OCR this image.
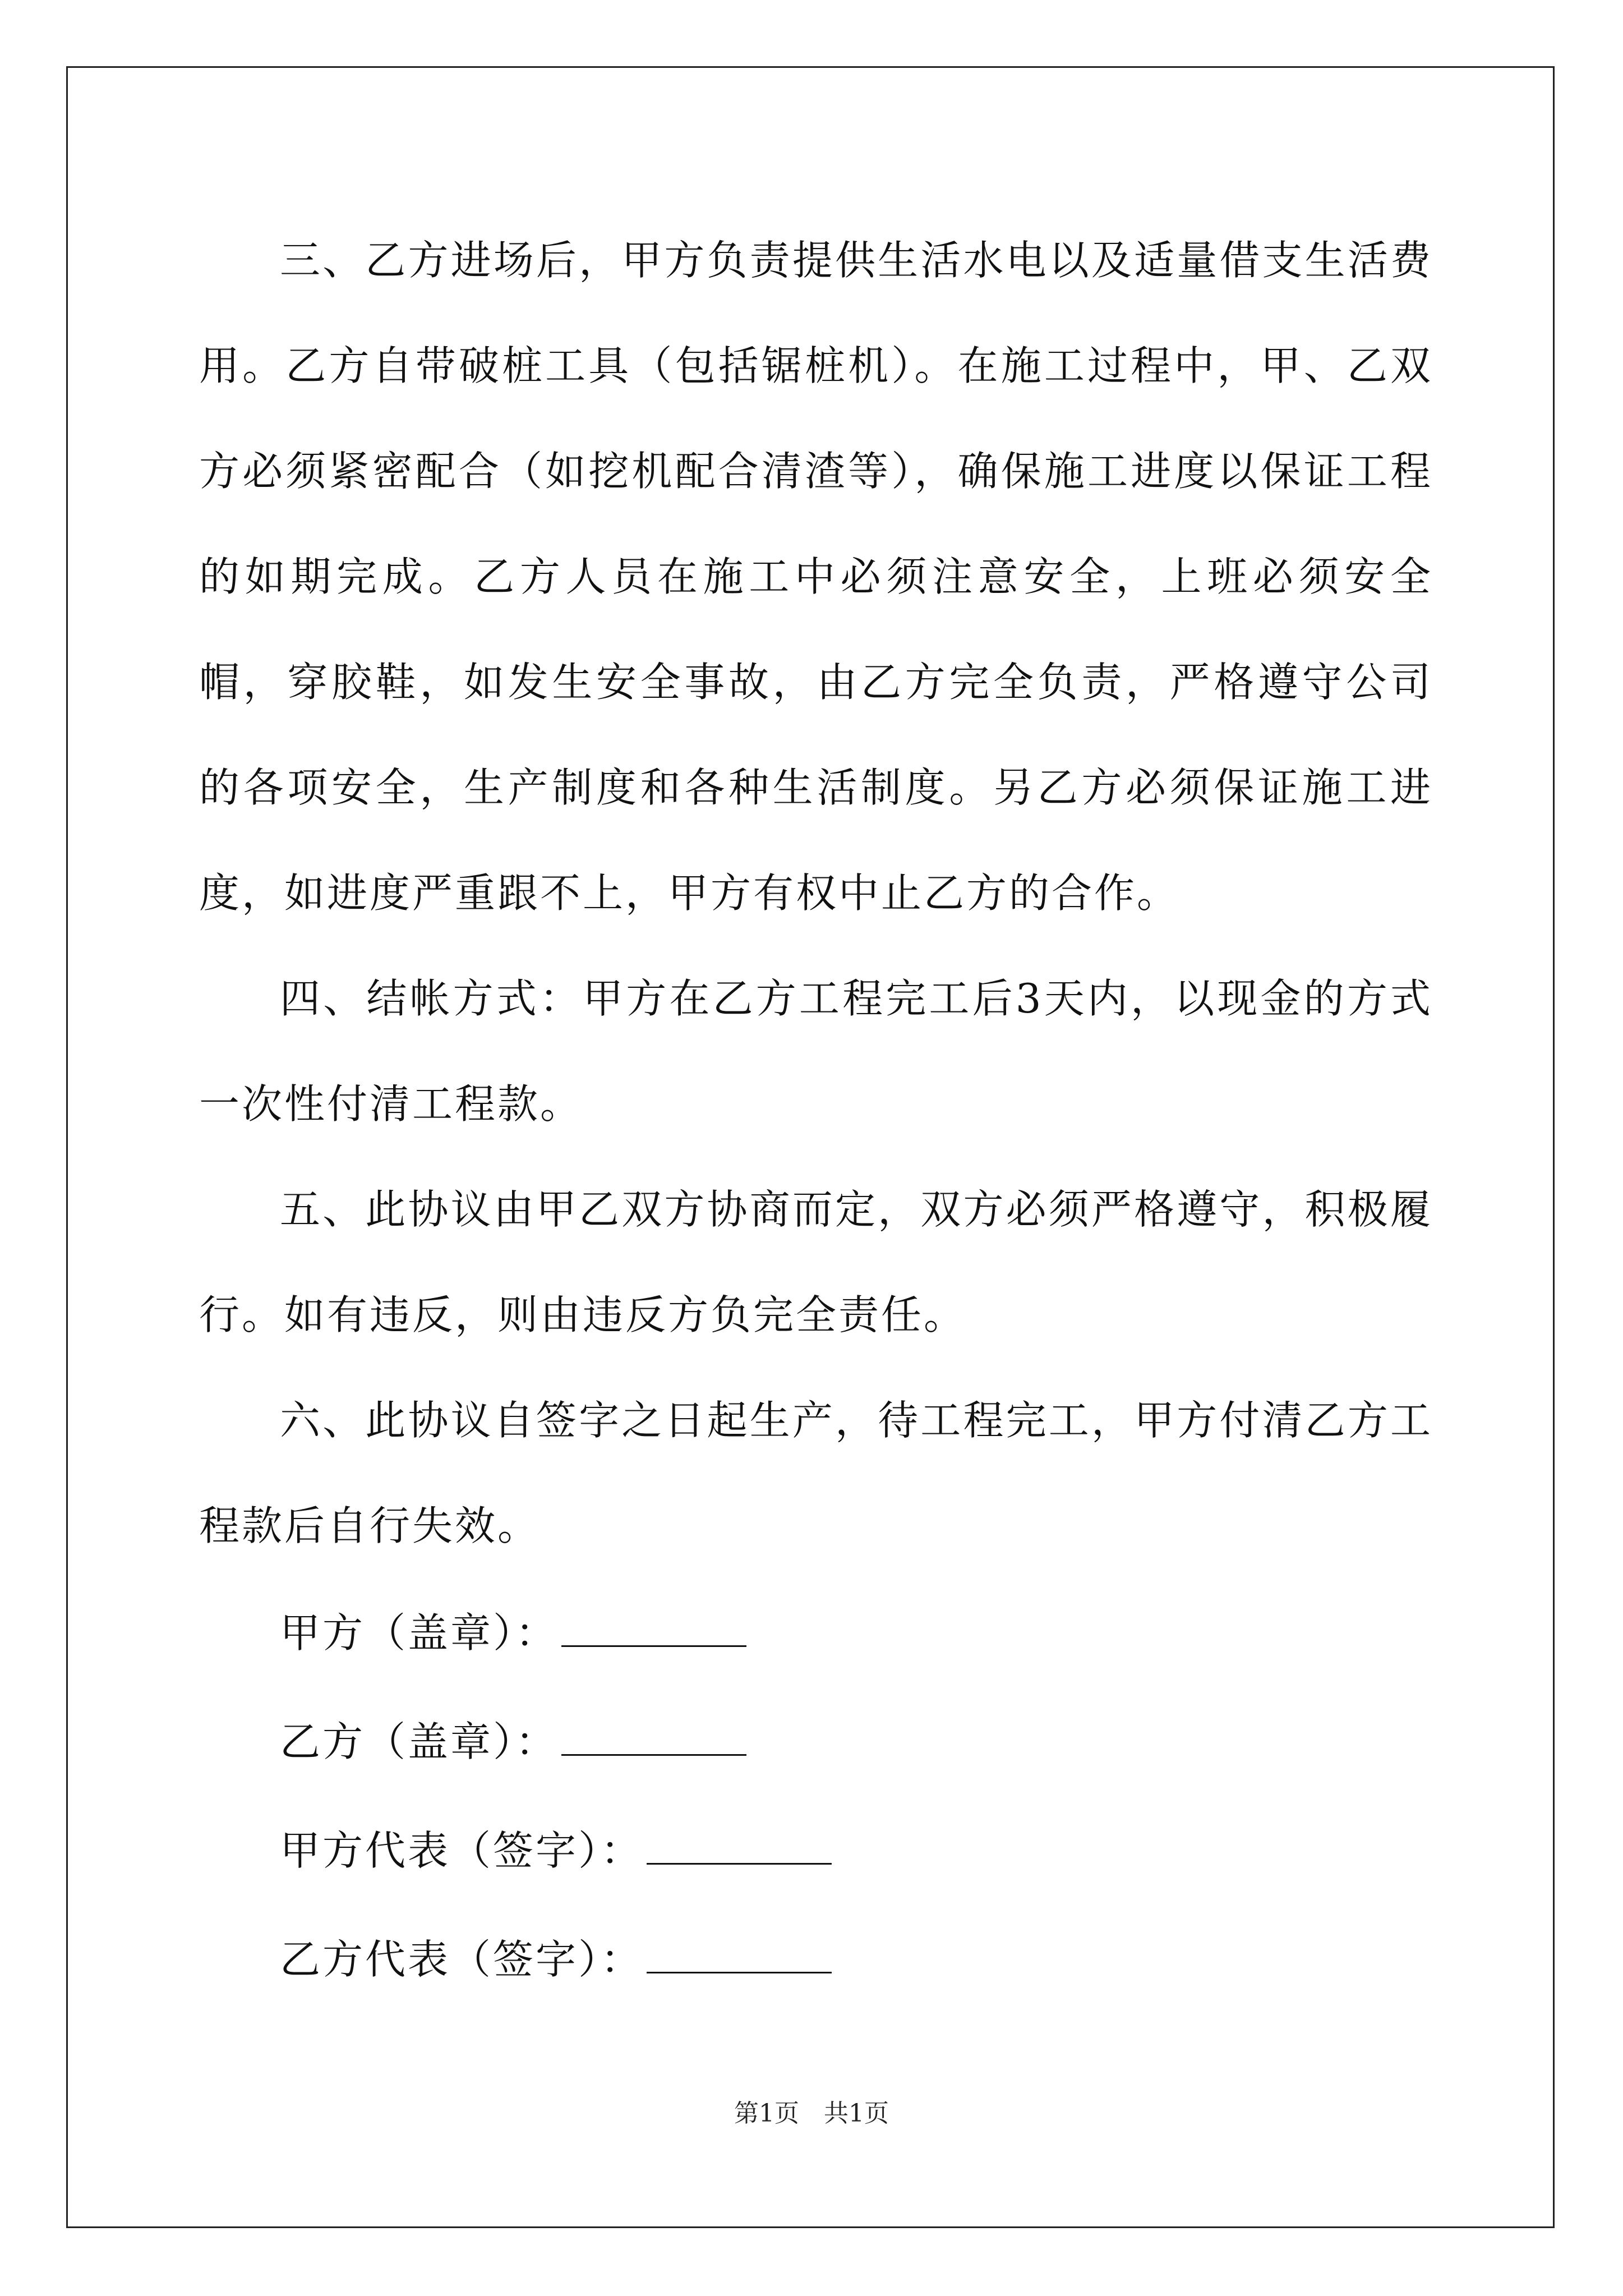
三、乙方进场后，甲方负责提供生活水电以及适量借支生活费用。乙方自带破桩工具（包括锯桩机）。在施工过程中，甲、乙双方必须紧密配合（如挖机配合清渣等），确保施工进度以保证工程的如期完成。乙方人员在施工中必须注意安全，上班必须安全帽，穿胶鞋，如发生安全事故，由乙方完全负责，严格遵守公司的各项安全，生产制度和各种生活制度。另乙方必须保证施工进度，如进度严重跟不上，甲方有权中止乙方的合作。

四、结帐方式：甲方在乙方工程完工后3天内，以现金的方式一次性付清工程款。

五、此协议由甲乙双方协商而定，双方必须严格遵守，积极履行。如有违反，则由违反方负完全责任。

六、此协议自签字之日起生产，待工程完工，甲方付清乙方工程款后自行失效。

甲方（盖章）：

乙方（盖章）：

甲方代表（签字）：

乙方代表（签字）：

第1页　共1页
